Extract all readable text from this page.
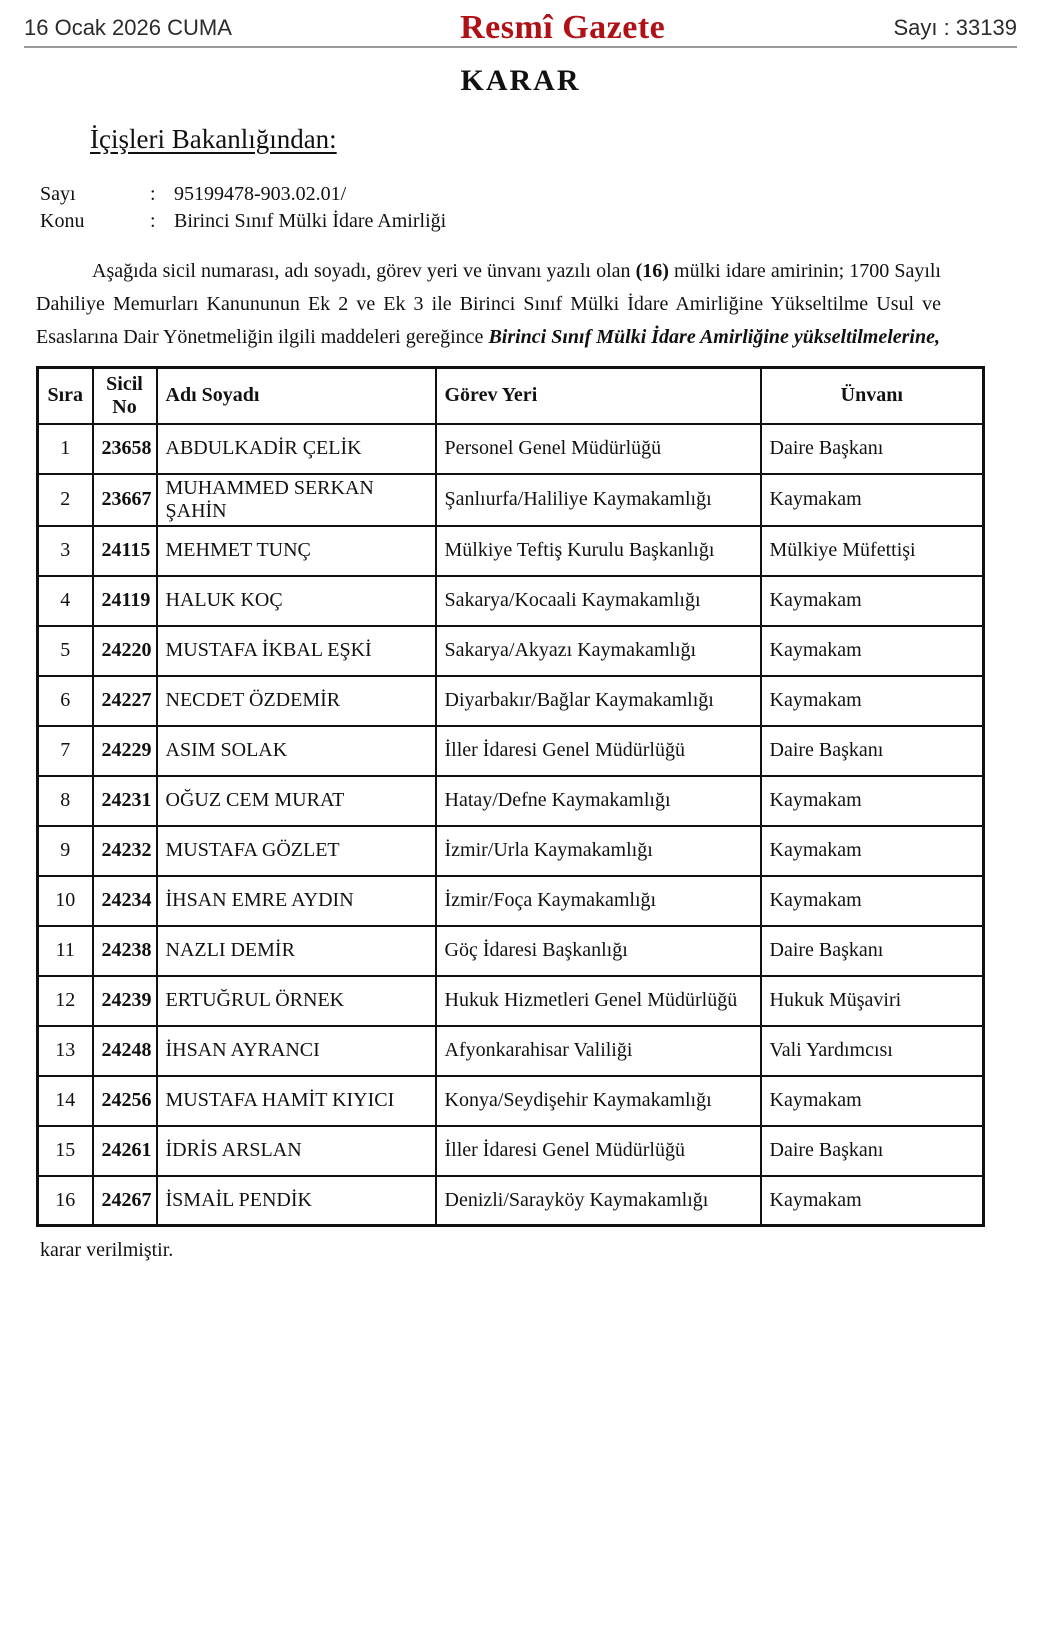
16 Ocak 2026 CUMA	Resmî Gazete	Sayı : 33139
KARAR
İçişleri Bakanlığından:
Sayı	: 95199478-903.02.01/
Konu	: Birinci Sınıf Mülki İdare Amirliği

Aşağıda sicil numarası, adı soyadı, görev yeri ve ünvanı yazılı olan (16) mülki idare amirinin; 1700 Sayılı Dahiliye Memurları Kanununun Ek 2 ve Ek 3 ile Birinci Sınıf Mülki İdare Amirliğine Yükseltilme Usul ve Esaslarına Dair Yönetmeliğin ilgili maddeleri gereğince Birinci Sınıf Mülki İdare Amirliğine yükseltilmelerine,

Sıra	Sicil No	Adı Soyadı	Görev Yeri	Ünvanı
1	23658	ABDULKADİR ÇELİK	Personel Genel Müdürlüğü	Daire Başkanı
2	23667	MUHAMMED SERKAN ŞAHİN	Şanlıurfa/Haliliye Kaymakamlığı	Kaymakam
3	24115	MEHMET TUNÇ	Mülkiye Teftiş Kurulu Başkanlığı	Mülkiye Müfettişi
4	24119	HALUK KOÇ	Sakarya/Kocaali Kaymakamlığı	Kaymakam
5	24220	MUSTAFA İKBAL EŞKİ	Sakarya/Akyazı Kaymakamlığı	Kaymakam
6	24227	NECDET ÖZDEMİR	Diyarbakır/Bağlar Kaymakamlığı	Kaymakam
7	24229	ASIM SOLAK	İller İdaresi Genel Müdürlüğü	Daire Başkanı
8	24231	OĞUZ CEM MURAT	Hatay/Defne Kaymakamlığı	Kaymakam
9	24232	MUSTAFA GÖZLET	İzmir/Urla Kaymakamlığı	Kaymakam
10	24234	İHSAN EMRE AYDIN	İzmir/Foça Kaymakamlığı	Kaymakam
11	24238	NAZLI DEMİR	Göç İdaresi Başkanlığı	Daire Başkanı
12	24239	ERTUĞRUL ÖRNEK	Hukuk Hizmetleri Genel Müdürlüğü	Hukuk Müşaviri
13	24248	İHSAN AYRANCI	Afyonkarahisar Valiliği	Vali Yardımcısı
14	24256	MUSTAFA HAMİT KIYICI	Konya/Seydişehir Kaymakamlığı	Kaymakam
15	24261	İDRİS ARSLAN	İller İdaresi Genel Müdürlüğü	Daire Başkanı
16	24267	İSMAİL PENDİK	Denizli/Sarayköy Kaymakamlığı	Kaymakam
karar verilmiştir.
